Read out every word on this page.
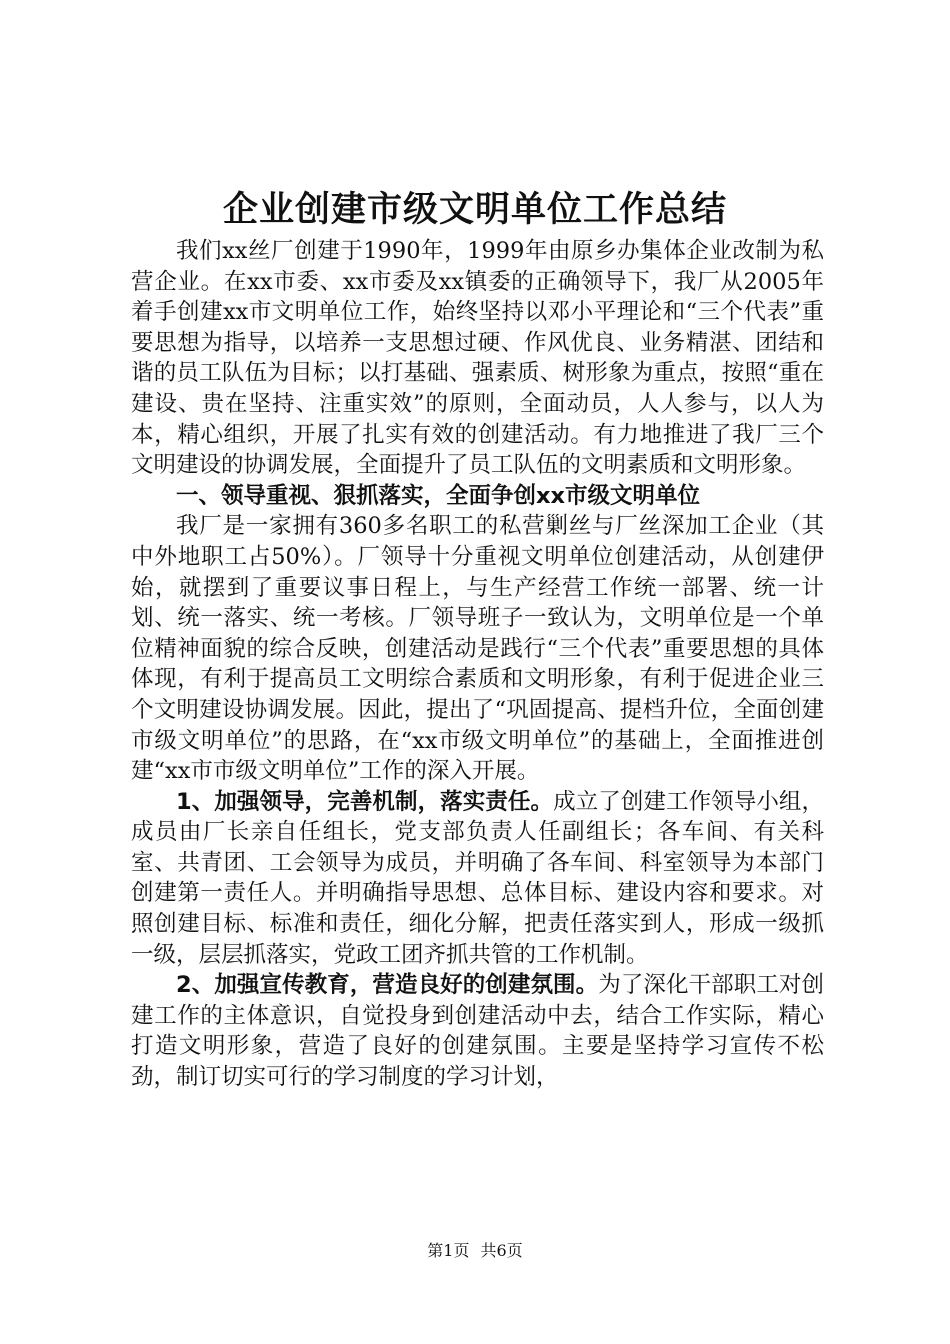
企业创建市级文明单位工作总结

我们xx丝厂创建于1990年，1999年由原乡办集体企业改制为私营企业。在xx市委、xx市委及xx镇委的正确领导下，我厂从2005年着手创建xx市文明单位工作，始终坚持以邓小平理论和“三个代表”重要思想为指导，以培养一支思想过硬、作风优良、业务精湛、团结和谐的员工队伍为目标；以打基础、强素质、树形象为重点，按照“重在建设、贵在坚持、注重实效”的原则，全面动员，人人参与，以人为本，精心组织，开展了扎实有效的创建活动。有力地推进了我厂三个文明建设的协调发展，全面提升了员工队伍的文明素质和文明形象。

一、领导重视、狠抓落实，全面争创xx市级文明单位

我厂是一家拥有360多名职工的私营剿丝与厂丝深加工企业（其中外地职工占50%）。厂领导十分重视文明单位创建活动，从创建伊始，就摆到了重要议事日程上，与生产经营工作统一部署、统一计划、统一落实、统一考核。厂领导班子一致认为，文明单位是一个单位精神面貌的综合反映，创建活动是践行“三个代表”重要思想的具体体现，有利于提高员工文明综合素质和文明形象，有利于促进企业三个文明建设协调发展。因此，提出了“巩固提高、提档升位，全面创建市级文明单位”的思路，在“xx市级文明单位”的基础上，全面推进创建“xx市市级文明单位”工作的深入开展。

1、加强领导，完善机制，落实责任。成立了创建工作领导小组，成员由厂长亲自任组长，党支部负责人任副组长；各车间、有关科室、共青团、工会领导为成员，并明确了各车间、科室领导为本部门创建第一责任人。并明确指导思想、总体目标、建设内容和要求。对照创建目标、标准和责任，细化分解，把责任落实到人，形成一级抓一级，层层抓落实，党政工团齐抓共管的工作机制。

2、加强宣传教育，营造良好的创建氛围。为了深化干部职工对创建工作的主体意识，自觉投身到创建活动中去，结合工作实际，精心打造文明形象，营造了良好的创建氛围。主要是坚持学习宣传不松劲，制订切实可行的学习制度的学习计划，

第1页 共6页
